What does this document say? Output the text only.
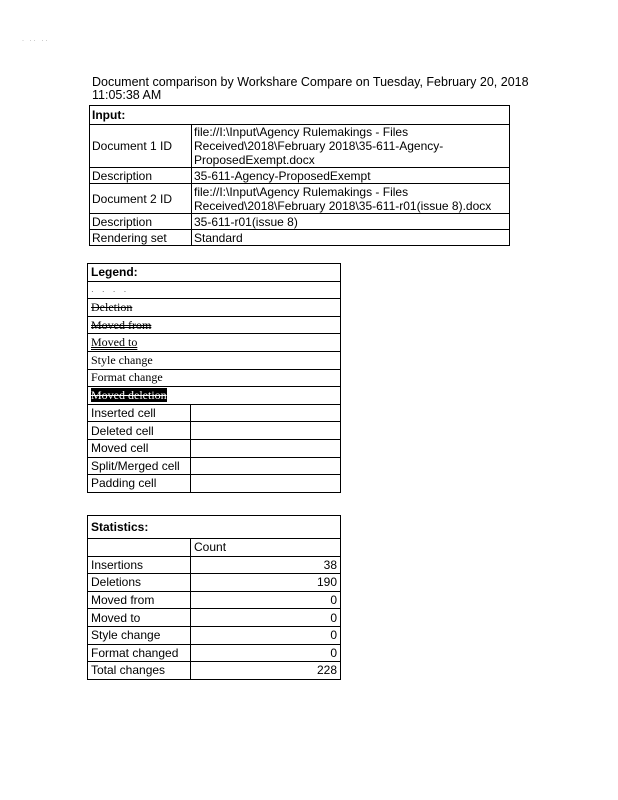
· ·· ··
Document comparison by Workshare Compare on Tuesday, February 20, 2018 11:05:38 AM
Input:	
Document 1 ID	file://I:\Input\Agency Rulemakings - Files Received\2018\February 2018\35-611-Agency-ProposedExempt.docx
Description	35-611-Agency-ProposedExempt
Document 2 ID	file://I:\Input\Agency Rulemakings - Files Received\2018\February 2018\35-611-r01(issue 8).docx
Description	35-611-r01(issue 8)
Rendering set	Standard
Legend:	
· · · ·	
Deletion	
Moved from	
Moved to	
Style change	
Format change	
Moved deletion	
Inserted cell	
Deleted cell	
Moved cell	
Split/Merged cell	
Padding cell	
Statistics:	
	Count
Insertions	38
Deletions	190
Moved from	0
Moved to	0
Style change	0
Format changed	0
Total changes	228
